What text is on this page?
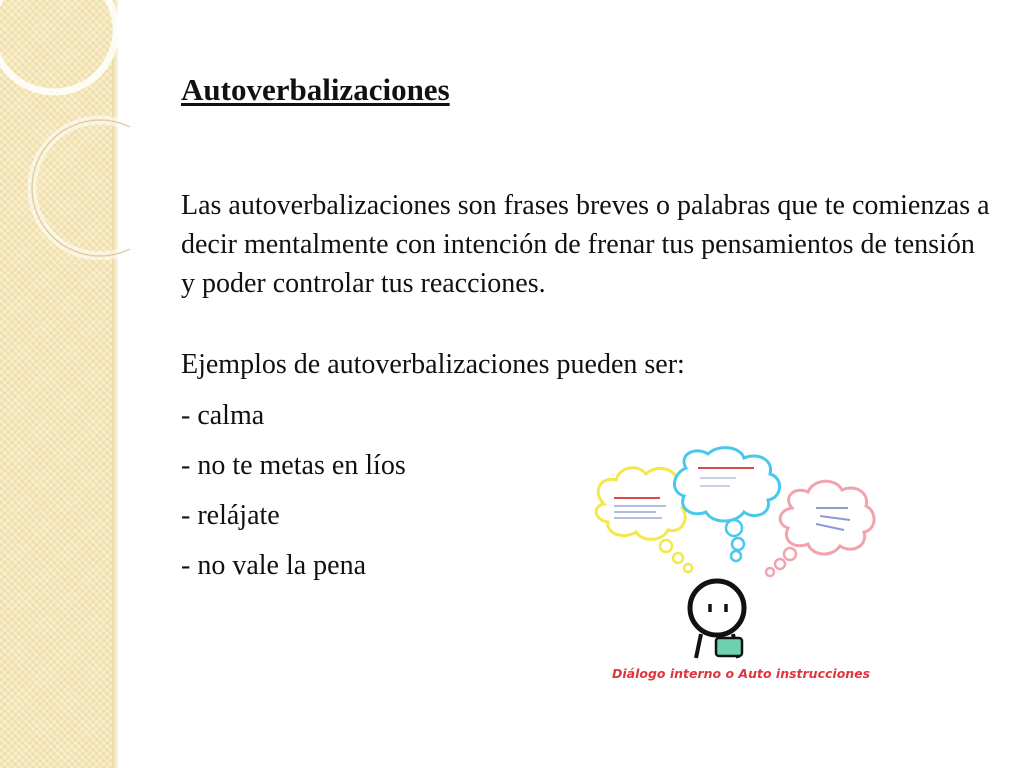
Autoverbalizaciones

Las autoverbalizaciones son frases breves o palabras que te comienzas a decir mentalmente con intención de frenar tus pensamientos de tensión y poder controlar tus reacciones.

Ejemplos de autoverbalizaciones pueden ser:

- calma
- no te metas en líos
- relájate
- no vale la pena
Diálogo interno o Auto instrucciones
